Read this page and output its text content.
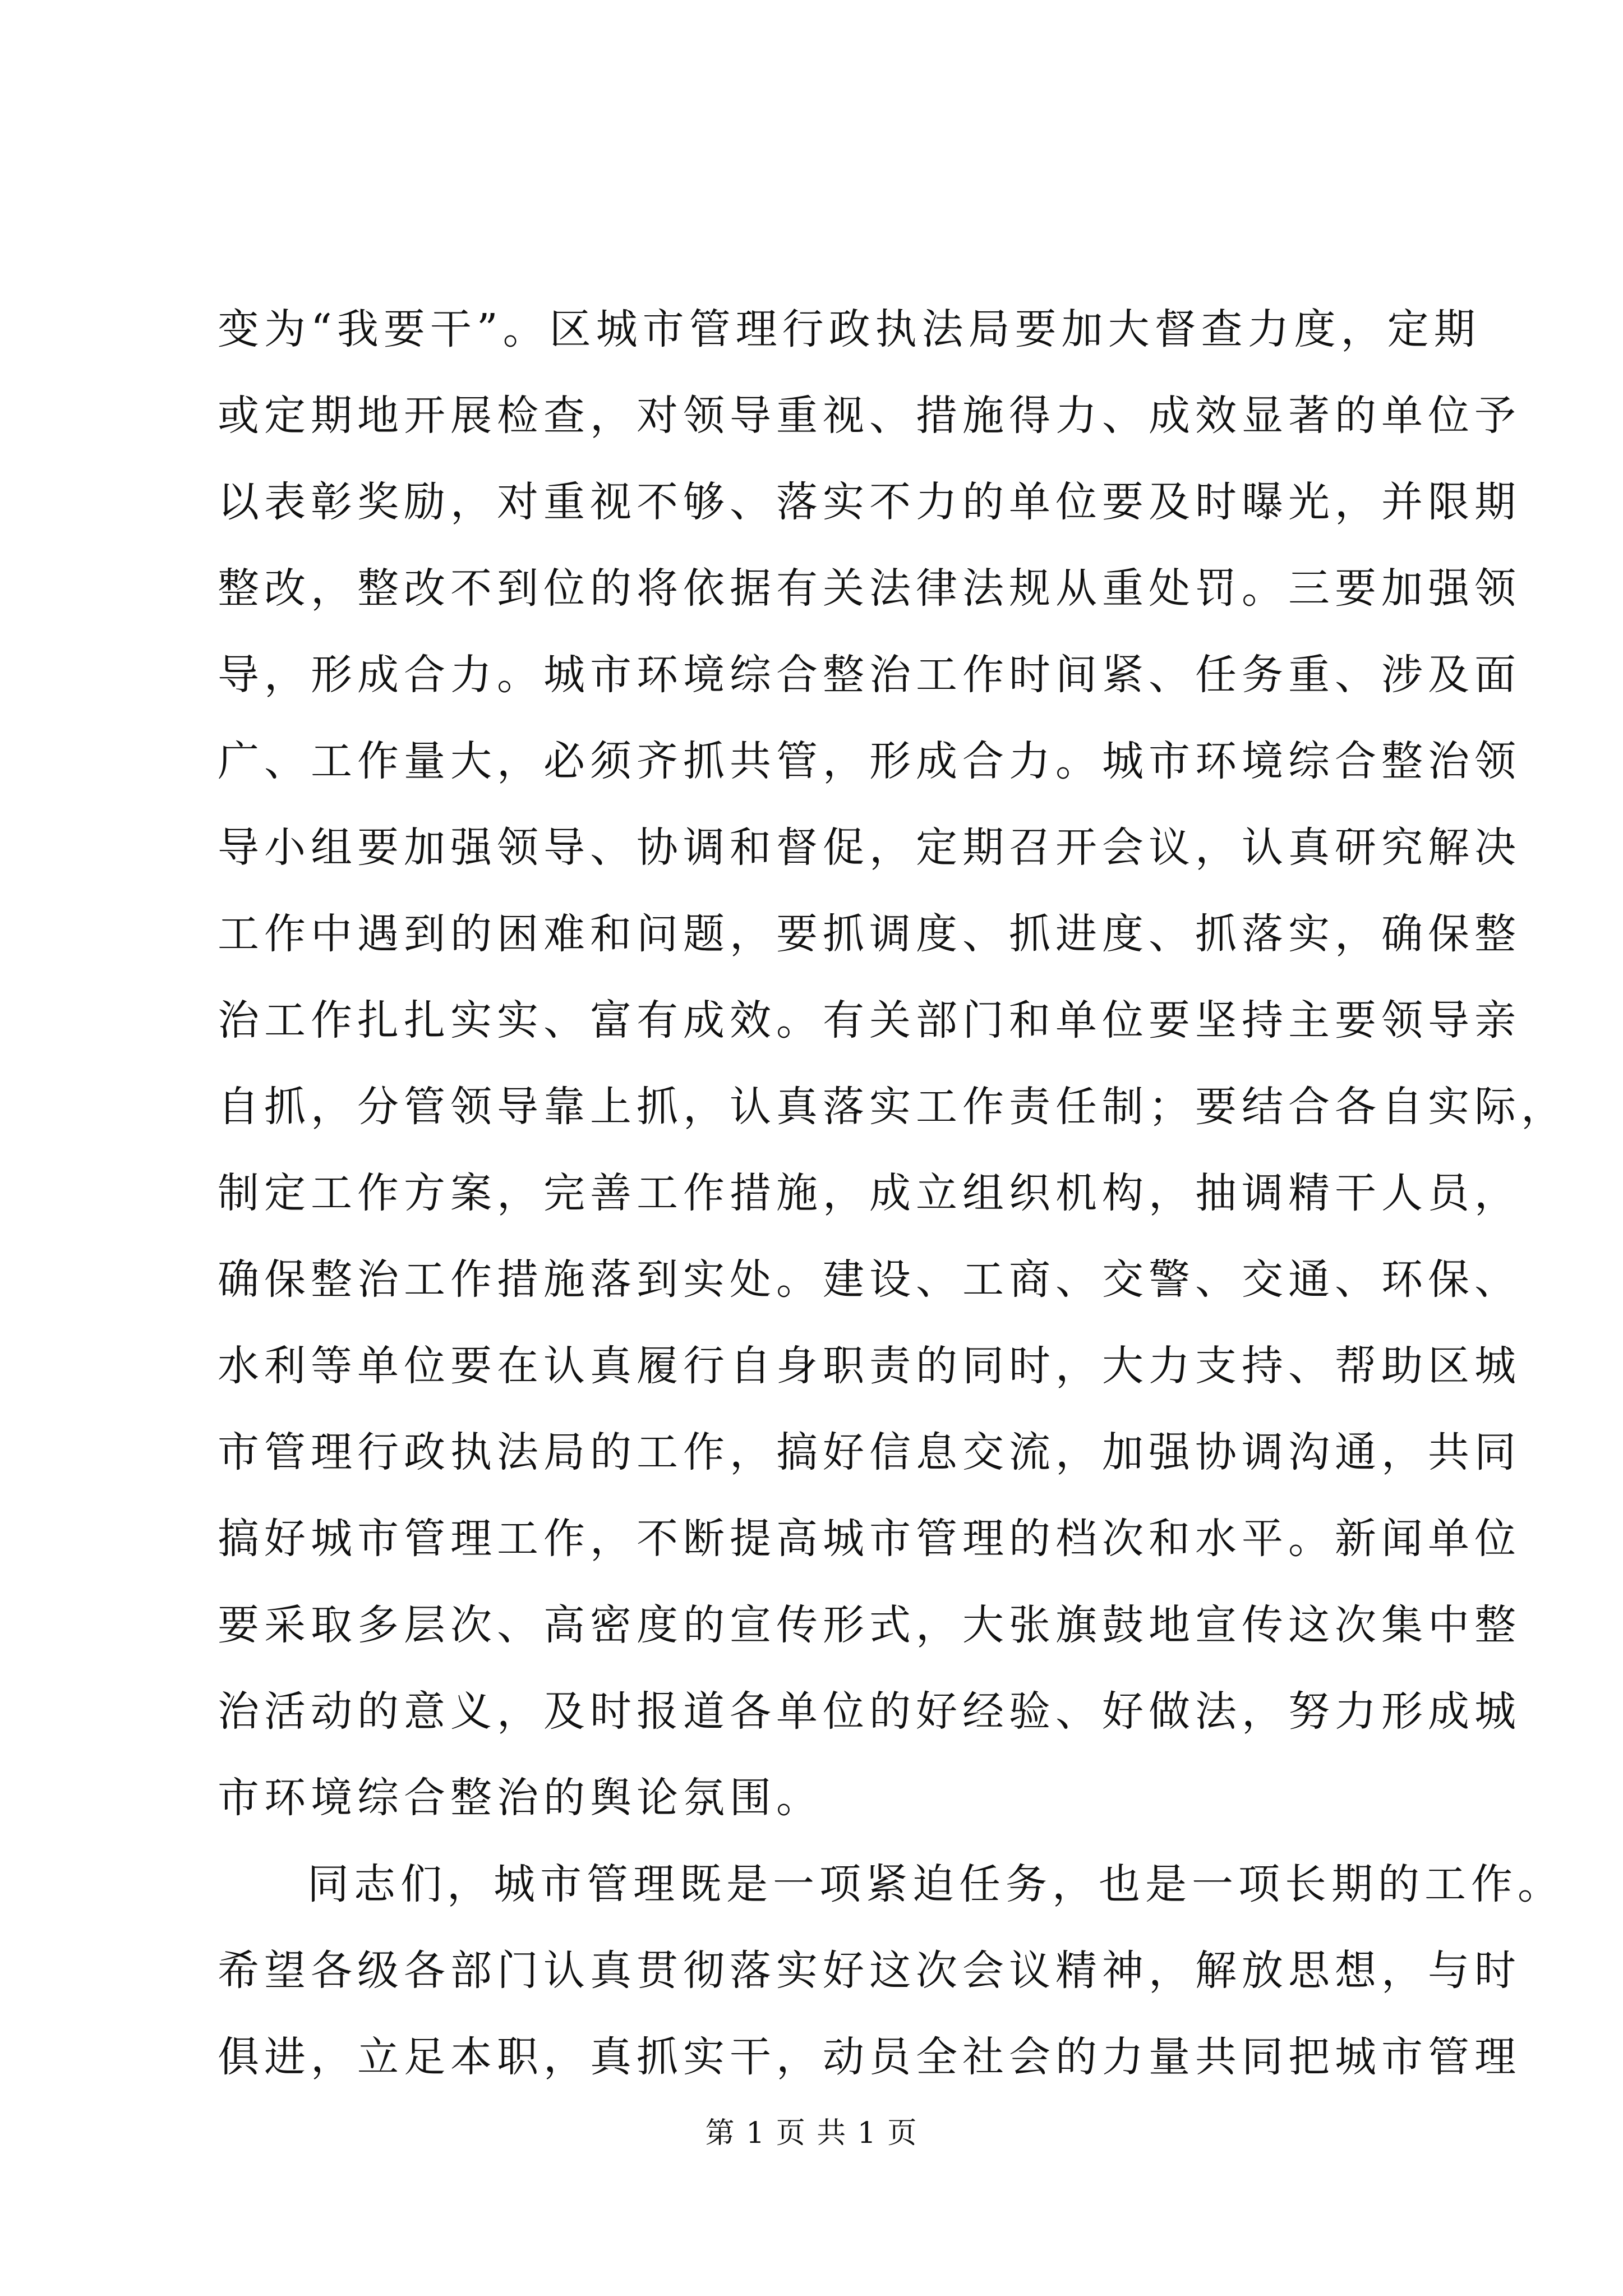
变为“我要干”。区城市管理行政执法局要加大督查力度，定期
或定期地开展检查，对领导重视、措施得力、成效显著的单位予
以表彰奖励，对重视不够、落实不力的单位要及时曝光，并限期
整改，整改不到位的将依据有关法律法规从重处罚。三要加强领
导，形成合力。城市环境综合整治工作时间紧、任务重、涉及面
广、工作量大，必须齐抓共管，形成合力。城市环境综合整治领
导小组要加强领导、协调和督促，定期召开会议，认真研究解决
工作中遇到的困难和问题，要抓调度、抓进度、抓落实，确保整
治工作扎扎实实、富有成效。有关部门和单位要坚持主要领导亲
自抓，分管领导靠上抓，认真落实工作责任制；要结合各自实际，
制定工作方案，完善工作措施，成立组织机构，抽调精干人员，
确保整治工作措施落到实处。建设、工商、交警、交通、环保、
水利等单位要在认真履行自身职责的同时，大力支持、帮助区城
市管理行政执法局的工作，搞好信息交流，加强协调沟通，共同
搞好城市管理工作，不断提高城市管理的档次和水平。新闻单位
要采取多层次、高密度的宣传形式，大张旗鼓地宣传这次集中整
治活动的意义，及时报道各单位的好经验、好做法，努力形成城
市环境综合整治的舆论氛围。
同志们，城市管理既是一项紧迫任务，也是一项长期的工作。
希望各级各部门认真贯彻落实好这次会议精神，解放思想，与时
俱进，立足本职，真抓实干，动员全社会的力量共同把城市管理
第 1 页 共 1 页
